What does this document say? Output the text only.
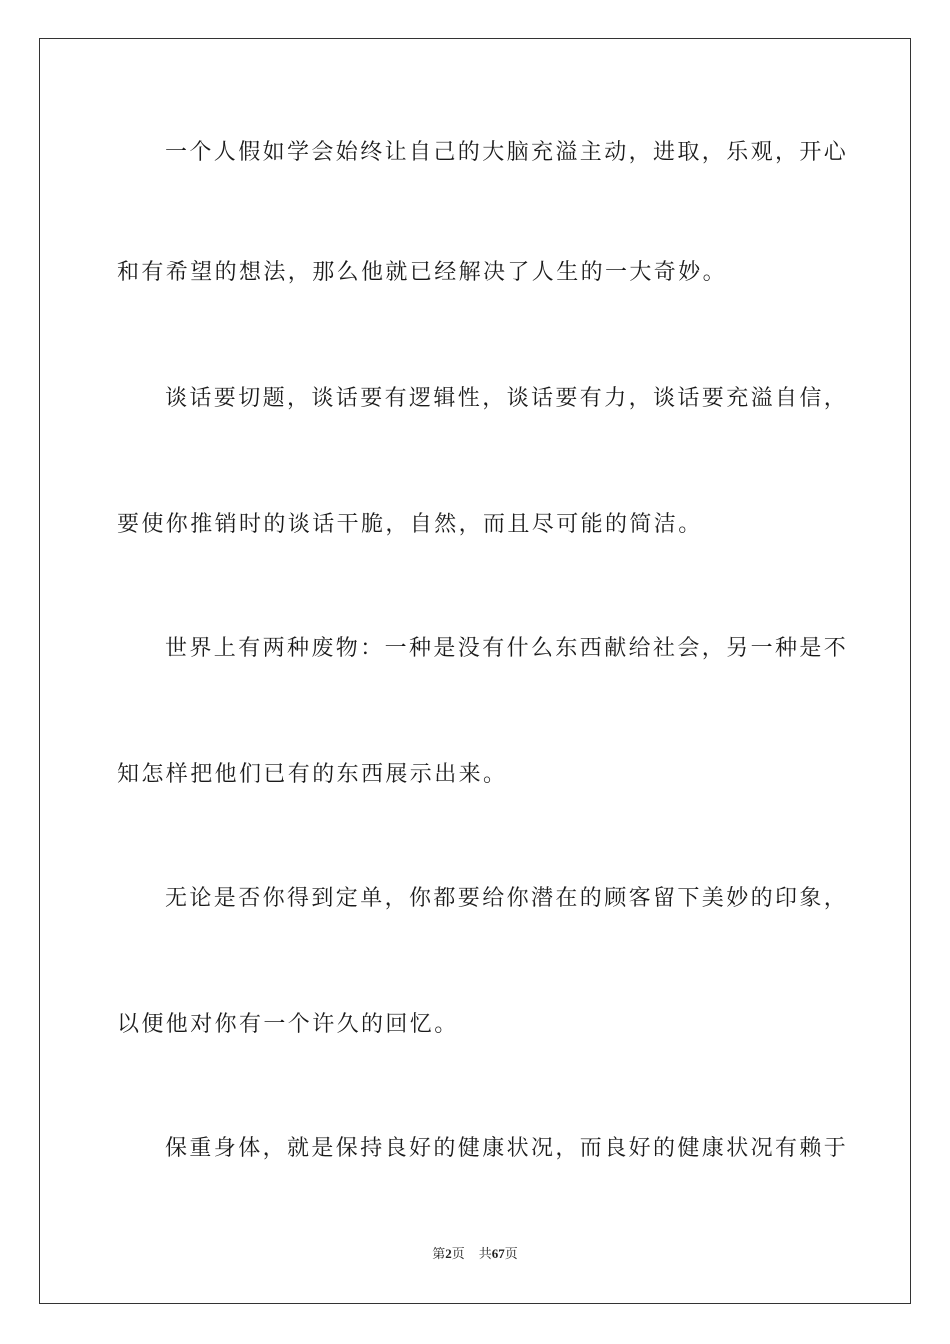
一个人假如学会始终让自己的大脑充溢主动，进取，乐观，开心
和有希望的想法，那么他就已经解决了人生的一大奇妙。
谈话要切题，谈话要有逻辑性，谈话要有力，谈话要充溢自信，
要使你推销时的谈话干脆，自然，而且尽可能的简洁。
世界上有两种废物：一种是没有什么东西献给社会，另一种是不
知怎样把他们已有的东西展示出来。
无论是否你得到定单，你都要给你潜在的顾客留下美妙的印象，
以便他对你有一个许久的回忆。
保重身体，就是保持良好的健康状况，而良好的健康状况有赖于
第2页 共67页
